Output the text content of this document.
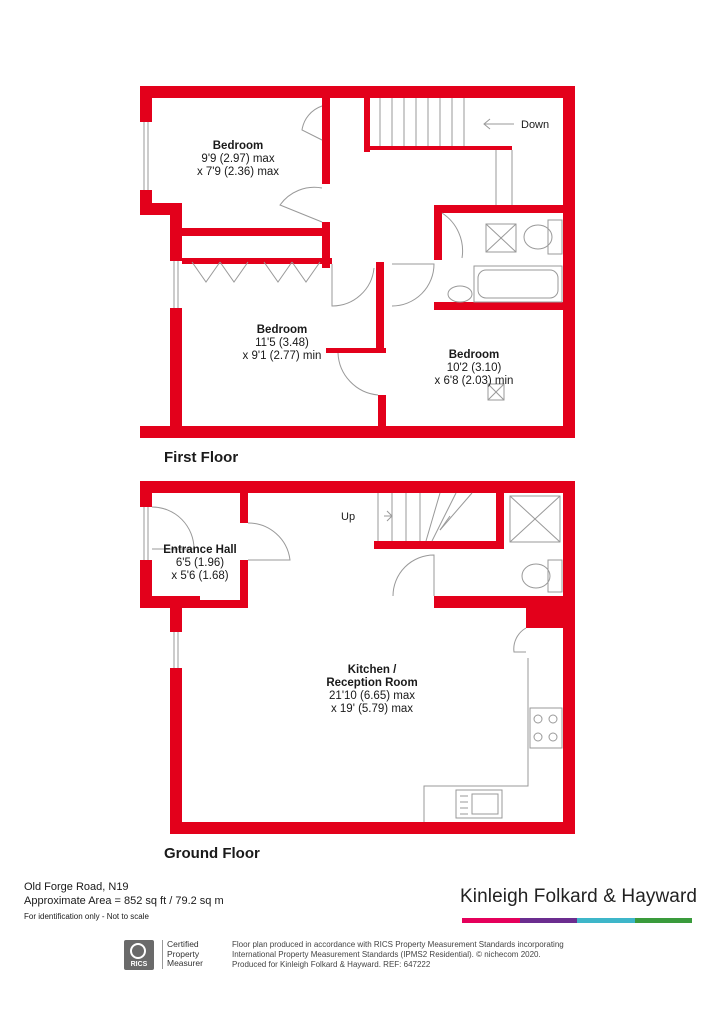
Down
Bedroom
9'9 (2.97) max
x 7'9 (2.36) max
Bedroom
11'5 (3.48)
x 9'1 (2.77) min	Bedroom
10'2 (3.10)
x 6'8 (2.03) min
Up
Entrance Hall
6'5 (1.96)
x 5'6 (1.68)
Kitchen /
Reception Room
21'10 (6.65) max
x 19' (5.79) max
First Floor
Ground Floor
Old Forge Road, N19
Approximate Area = 852 sq ft / 79.2 sq m
For identification only - Not to scale
Kinleigh Folkard & Hayward
RICS
Certified
Property
Measurer
Floor plan produced in accordance with RICS Property Measurement Standards incorporating
International Property Measurement Standards (IPMS2 Residential). © nichecom 2020.
Produced for Kinleigh Folkard & Hayward. REF: 647222
